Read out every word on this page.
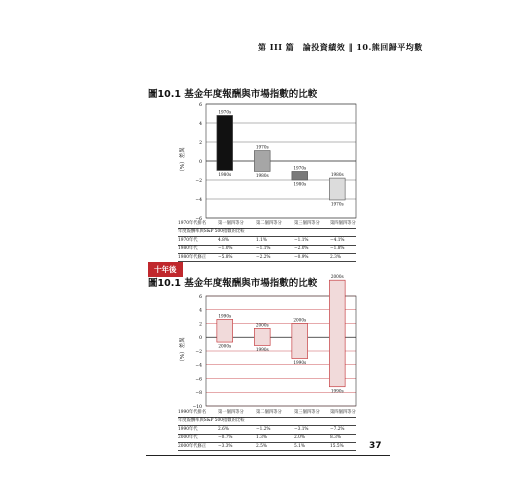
第 III 篇　論投資績效 ‖ 10.熊回歸平均數
圖10.1 基金年度報酬與市場指數的比較
（%）差異
6
4
2
0
−2
−4
−6
1970s
1980s
1970s
1980s
1970s
1980s
1970s
1980s
1970年代排名	第一個四等分	第二個四等分	第三個四等分 第四個四等分
年度報酬率與S&P 500指數的比較
1970年代	4.8%	1.1%	−1.1%	−4.1%
1980年代	−1.0%	−1.1%	−2.0%	−1.8%
1980年代修正	−5.8%	−2.2%	−0.9%	2.3%
十年後
圖10.1 基金年度報酬與市場指數的比較
（%）差異
6
4
2
0
−2
−4
−6
−8
−10
1990s
2000s
1990s
2000s
1990s
2000s
1990s
2000s
1990年代排名	第一個四等分	第二個四等分	第三個四等分 第四個四等分
年度報酬率與S&P 500指數的比較
1990年代	2.6%	−1.2%	−3.1%	−7.2%
2000年代	−0.7%	1.3%	2.0%	8.3%
2000年代修正	−3.3%	2.5%	5.1%	15.5%	37
